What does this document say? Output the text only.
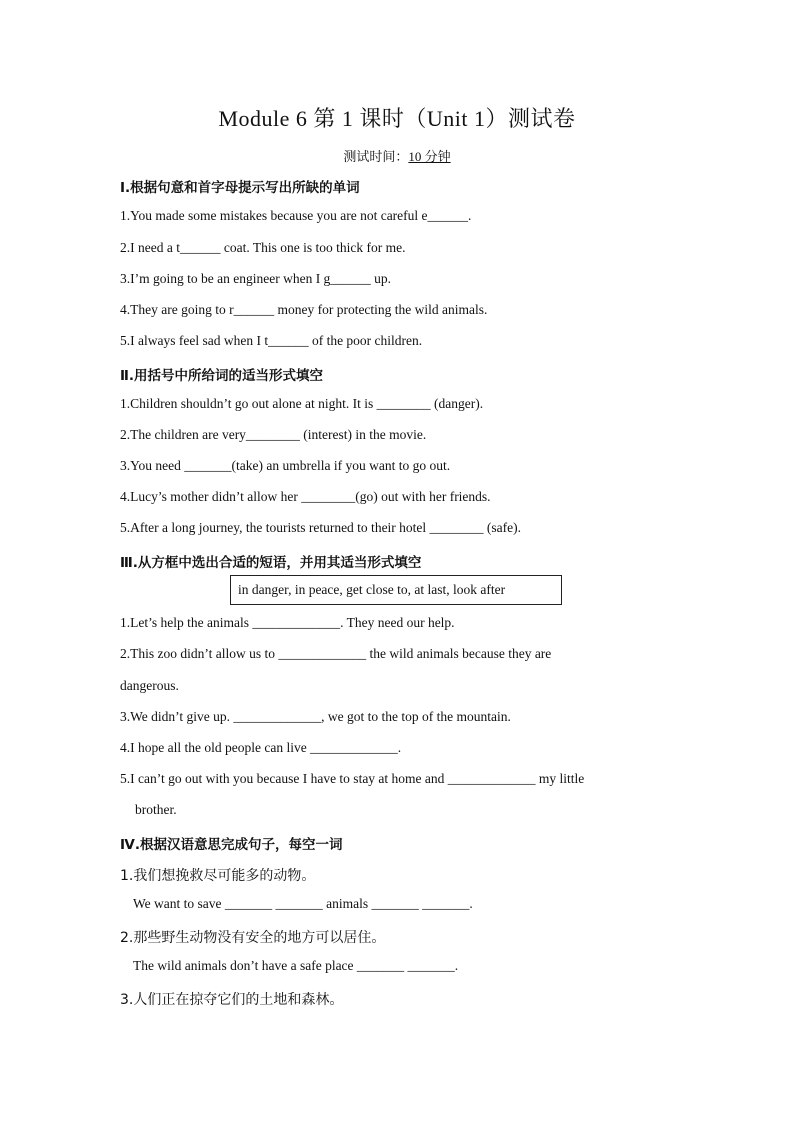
Module 6 第 1 课时（Unit 1）测试卷
测试时间：10 分钟
Ⅰ.根据句意和首字母提示写出所缺的单词
1.You made some mistakes because you are not careful e______.
2.I need a t______ coat. This one is too thick for me.
3.I’m going to be an engineer when I g______ up.
4.They are going to r______ money for protecting the wild animals.
5.I always feel sad when I t______ of the poor children.
Ⅱ.用括号中所给词的适当形式填空
1.Children shouldn’t go out alone at night. It is ________ (danger).
2.The children are very________ (interest) in the movie.
3.You need _______(take) an umbrella if you want to go out.
4.Lucy’s mother didn’t allow her ________(go) out with her friends.
5.After a long journey, the tourists returned to their hotel ________ (safe).
Ⅲ.从方框中选出合适的短语，并用其适当形式填空
in danger, in peace, get close to, at last, look after
1.Let’s help the animals _____________. They need our help.
2.This zoo didn’t allow us to _____________ the wild animals because they are
dangerous.
3.We didn’t give up. _____________, we got to the top of the mountain.
4.I hope all the old people can live _____________.
5.I can’t go out with you because I have to stay at home and _____________ my little
brother.
Ⅳ.根据汉语意思完成句子，每空一词
1.我们想挽救尽可能多的动物。
We want to save _______ _______ animals _______ _______.
2.那些野生动物没有安全的地方可以居住。
The wild animals don’t have a safe place _______ _______.
3.人们正在掠夺它们的土地和森林。
